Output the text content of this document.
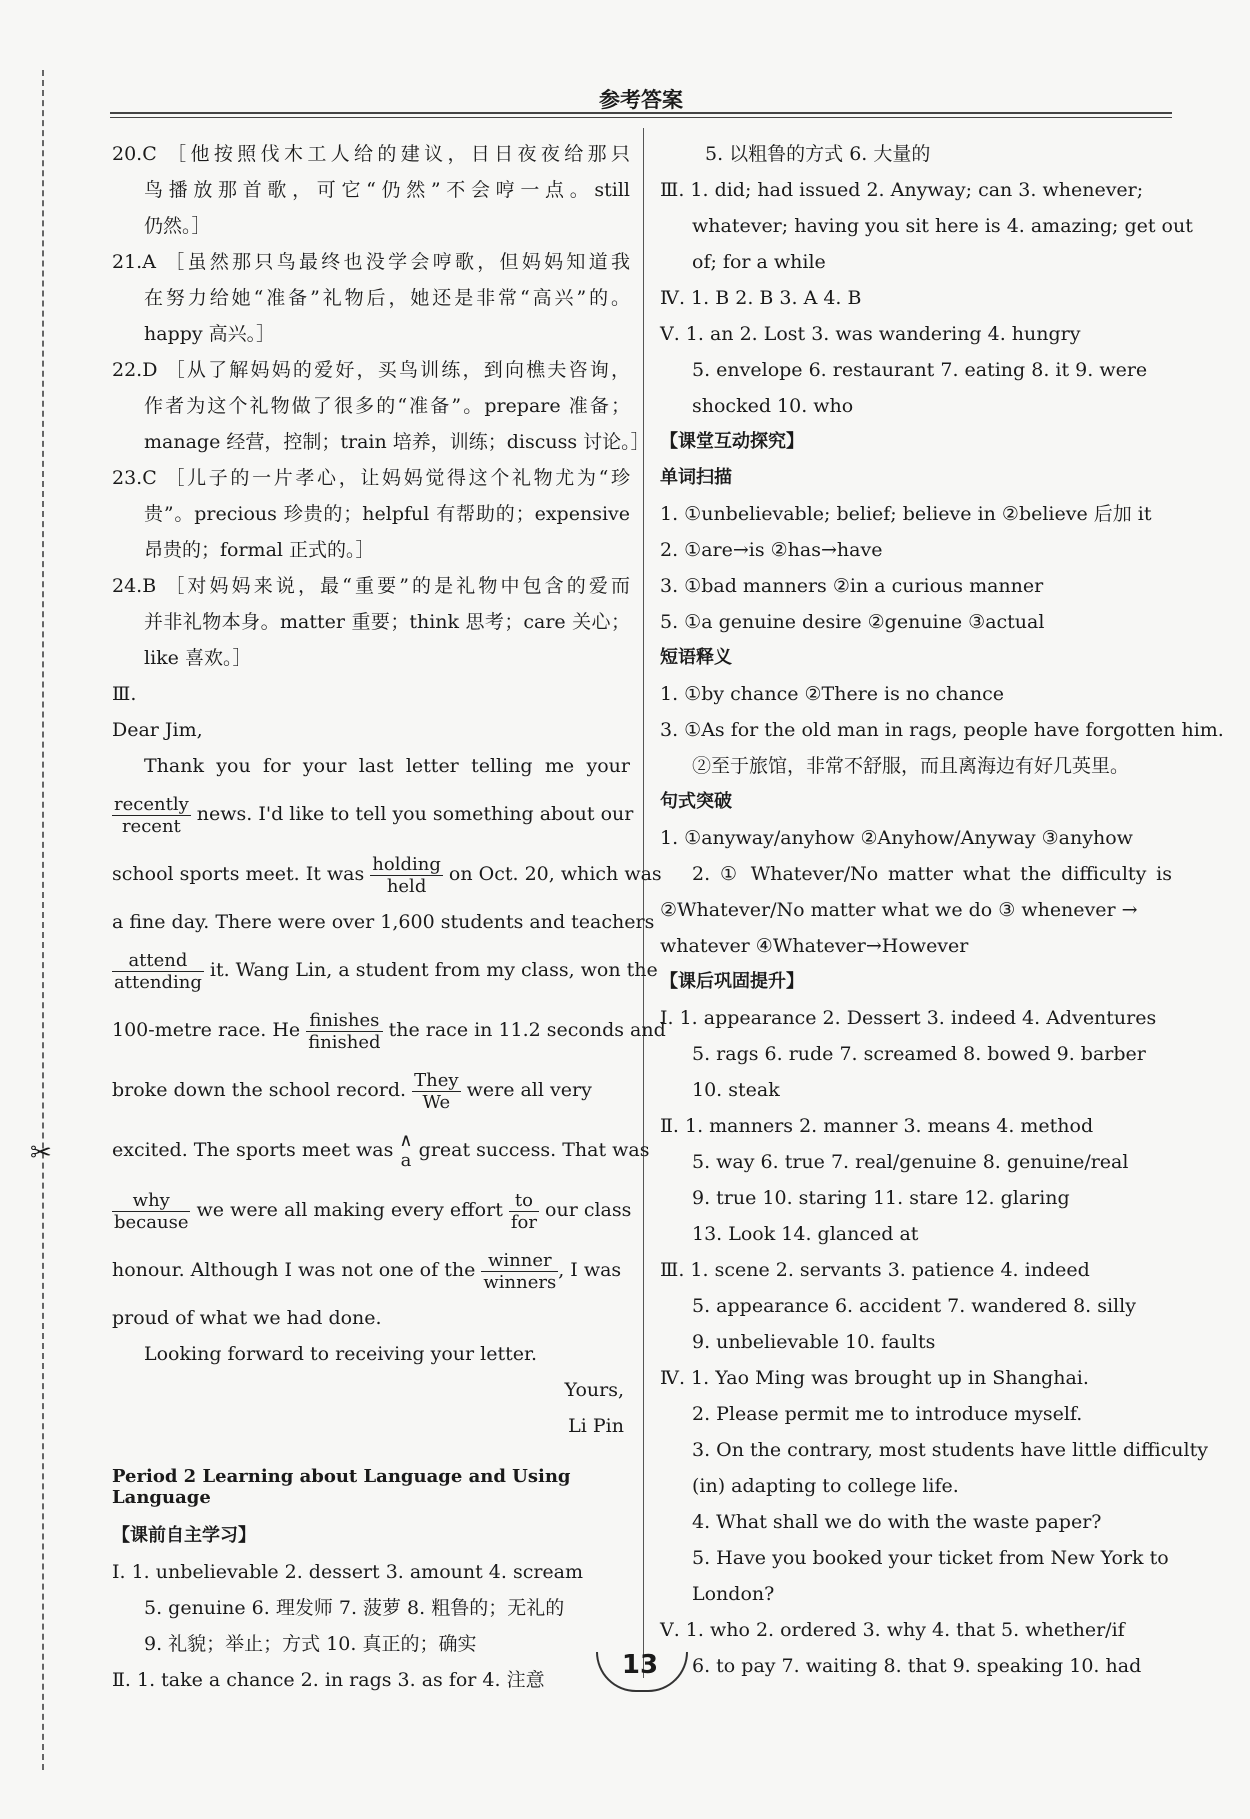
✂
参考答案
20.C ［他按照伐木工人给的建议，日日夜夜给那只
鸟播放那首歌，可它“仍然”不会哼一点。still
仍然。］
21.A ［虽然那只鸟最终也没学会哼歌，但妈妈知道我
在努力给她“准备”礼物后，她还是非常“高兴”的。
happy 高兴。］
22.D ［从了解妈妈的爱好，买鸟训练，到向樵夫咨询，
作者为这个礼物做了很多的“准备”。prepare 准备；
manage 经营，控制；train 培养，训练；discuss 讨论。］
23.C ［儿子的一片孝心，让妈妈觉得这个礼物尤为“珍
贵”。precious 珍贵的；helpful 有帮助的；expensive
昂贵的；formal 正式的。］
24.B ［对妈妈来说，最“重要”的是礼物中包含的爱而
并非礼物本身。matter 重要；think 思考；care 关心；
like 喜欢。］
Ⅲ.
Dear Jim,
Thank you for your last letter telling me your
recently
recent
news. I'd like to tell you something about our
school sports meet. It was holding
held
on Oct. 20, which was
a fine day. There were over 1,600 students and teachers
attend
attending
it. Wang Lin, a student from my class, won the
100-metre race. He finishes
finished
the race in 11.2 seconds and
broke down the school record. They
We
were all very
excited. The sports meet was ∧
a great success. That was
why
because
we were all making every effort to
for
our class
honour. Although I was not one of the winner
winners
, I was
proud of what we had done.
Looking forward to receiving your letter.
Yours,
Li Pin
Period 2 Learning about Language and Using Language
【课前自主学习】
Ⅰ. 1. unbelievable 2. dessert 3. amount 4. scream
5. genuine 6. 理发师 7. 菠萝 8. 粗鲁的；无礼的
9. 礼貌；举止；方式 10. 真正的；确实
Ⅱ. 1. take a chance 2. in rags 3. as for 4. 注意
5. 以粗鲁的方式 6. 大量的
Ⅲ. 1. did; had issued 2. Anyway; can 3. whenever;
whatever; having you sit here is 4. amazing; get out
of; for a while
Ⅳ. 1. B 2. B 3. A 4. B
Ⅴ. 1. an 2. Lost 3. was wandering 4. hungry
5. envelope 6. restaurant 7. eating 8. it 9. were
shocked 10. who
【课堂互动探究】
单词扫描
1. ①unbelievable; belief; believe in ②believe 后加 it
2. ①are→is ②has→have
3. ①bad manners ②in a curious manner
5. ①a genuine desire ②genuine ③actual
短语释义
1. ①by chance ②There is no chance
3. ①As for the old man in rags, people have forgotten him.
②至于旅馆，非常不舒服，而且离海边有好几英里。
句式突破
1. ①anyway/anyhow ②Anyhow/Anyway ③anyhow
2. ① Whatever/No matter what the difficulty is
②Whatever/No matter what we do ③ whenever →
whatever ④Whatever→However
【课后巩固提升】
Ⅰ. 1. appearance 2. Dessert 3. indeed 4. Adventures
5. rags 6. rude 7. screamed 8. bowed 9. barber
10. steak
Ⅱ. 1. manners 2. manner 3. means 4. method
5. way 6. true 7. real/genuine 8. genuine/real
9. true 10. staring 11. stare 12. glaring
13. Look 14. glanced at
Ⅲ. 1. scene 2. servants 3. patience 4. indeed
5. appearance 6. accident 7. wandered 8. silly
9. unbelievable 10. faults
Ⅳ. 1. Yao Ming was brought up in Shanghai.
2. Please permit me to introduce myself.
3. On the contrary, most students have little difficulty
(in) adapting to college life.
4. What shall we do with the waste paper?
5. Have you booked your ticket from New York to
London?
Ⅴ. 1. who 2. ordered 3. why 4. that 5. whether/if
6. to pay 7. waiting 8. that 9. speaking 10. had
13
